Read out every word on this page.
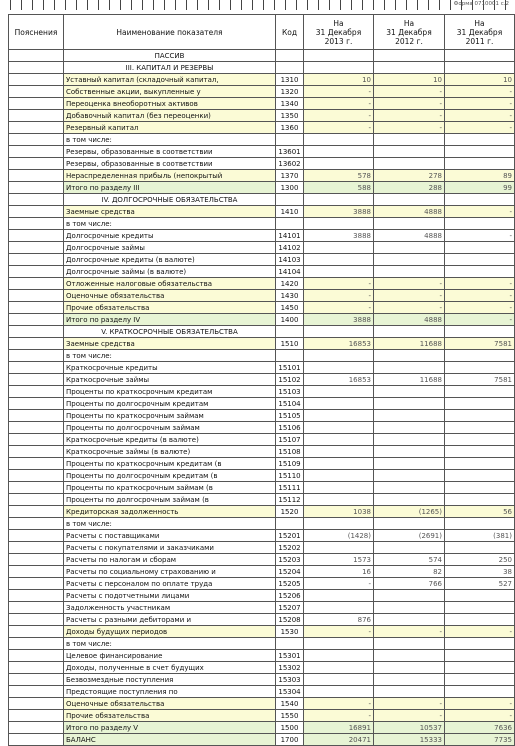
Форма 0710001 с.2
Пояснения	Наименование показателя	Код	На
31 Декабря
2013 г.	На
31 Декабря
2012 г.	На
31 Декабря
2011 г.
	ПАССИВ				
	III. КАПИТАЛ И РЕЗЕРВЫ				
	Уставный капитал (складочный капитал,	1310	10	10	10
	Собственные акции, выкупленные у	1320	-	-	-
	Переоценка внеоборотных активов	1340	-	-	-
	Добавочный капитал (без переоценки)	1350	-	-	-
	Резервный капитал	1360	-	-	-
	в том числе:				
	Резервы, образованные в соответствии	13601			
	Резервы, образованные в соответствии	13602			
	Нераспределенная прибыль (непокрытый	1370	578	278	89
	Итого по разделу III	1300	588	288	99
	IV. ДОЛГОСРОЧНЫЕ ОБЯЗАТЕЛЬСТВА				
	Заемные средства	1410	3888	4888	-
	в том числе:				
	Долгосрочные кредиты	14101	3888	4888	-
	Долгосрочные займы	14102			
	Долгосрочные кредиты (в валюте)	14103			
	Долгосрочные займы (в валюте)	14104			
	Отложенные налоговые обязательства	1420	-	-	-
	Оценочные обязательства	1430	-	-	-
	Прочие обязательства	1450	-	-	-
	Итого по разделу IV	1400	3888	4888	-
	V. КРАТКОСРОЧНЫЕ ОБЯЗАТЕЛЬСТВА				
	Заемные средства	1510	16853	11688	7581
	в том числе:				
	Краткосрочные кредиты	15101			
	Краткосрочные займы	15102	16853	11688	7581
	Проценты по краткосрочным кредитам	15103			
	Проценты по долгосрочным кредитам	15104			
	Проценты по краткосрочным займам	15105			
	Проценты по долгосрочным займам	15106			
	Краткосрочные кредиты (в валюте)	15107			
	Краткосрочные займы (в валюте)	15108			
	Проценты по краткосрочным кредитам (в	15109			
	Проценты по долгосрочным кредитам (в	15110			
	Проценты по краткосрочным займам (в	15111			
	Проценты по долгосрочным займам (в	15112			
	Кредиторская задолженность	1520	1038	(1265)	56
	в том числе:				
	Расчеты с поставщиками	15201	(1428)	(2691)	(381)
	Расчеты с покупателями и заказчиками	15202			
	Расчеты по налогам и сборам	15203	1573	574	250
	Расчеты по социальному страхованию и	15204	16	82	38
	Расчеты с персоналом по оплате труда	15205	-	766	527
	Расчеты с подотчетными лицами	15206			
	Задолженность участникам	15207			
	Расчеты с разными дебиторами и	15208	876		
	Доходы будущих периодов	1530	-	-	-
	в том числе:				
	Целевое финансирование	15301			
	Доходы, полученные в счет будущих	15302			
	Безвозмездные поступления	15303			
	Предстоящие поступления по	15304			
	Оценочные обязательства	1540	-	-	-
	Прочие обязательства	1550	-	-	-
	Итого по разделу V	1500	16891	10537	7636
	БАЛАНС	1700	20471	15333	7735
